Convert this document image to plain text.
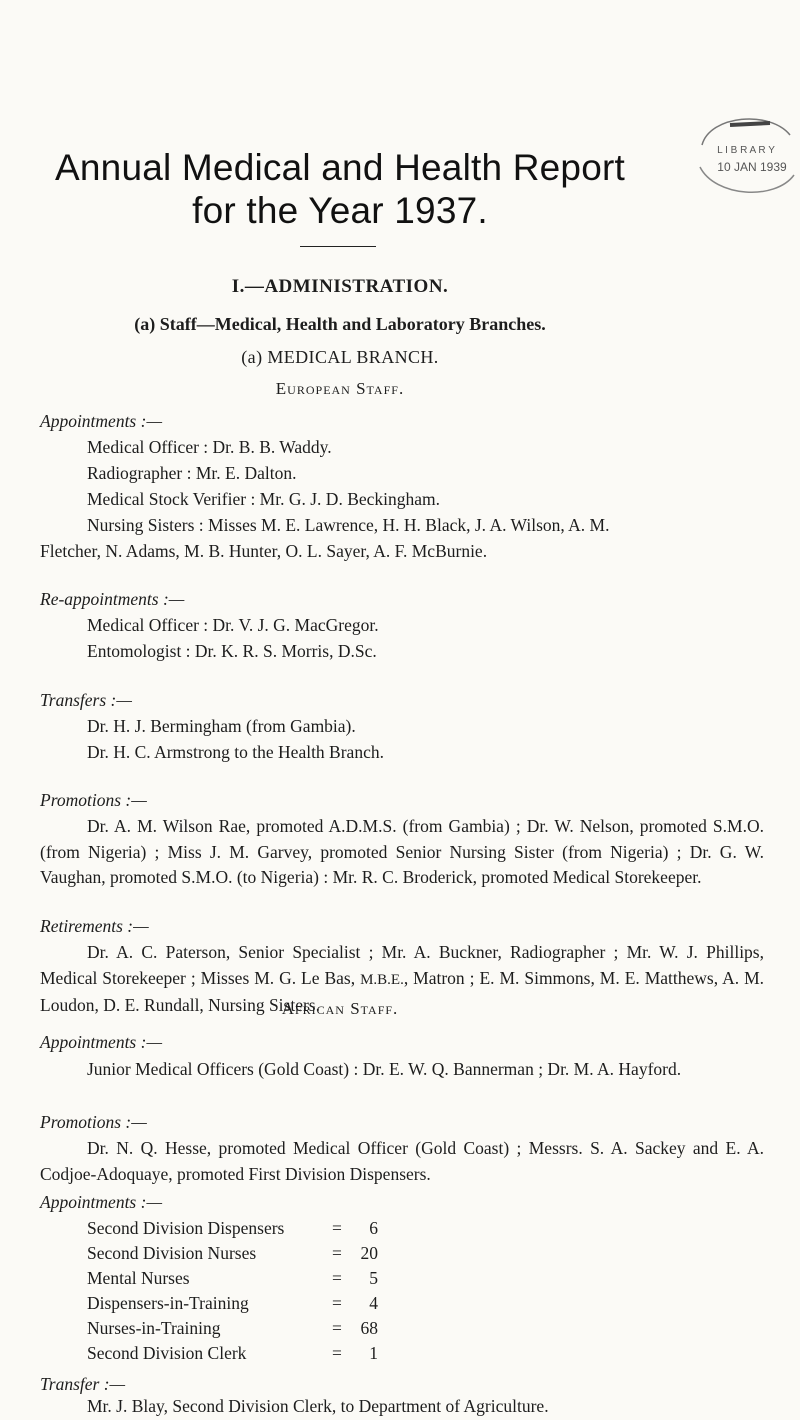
Annual Medical and Health Report
for the Year 1937.
L I B R A R Y
10 JAN 1939
I.—ADMINISTRATION.
(a) Staff—Medical, Health and Laboratory Branches.
(a) MEDICAL BRANCH.
European Staff.
Appointments :—
Medical Officer : Dr. B. B. Waddy.
Radiographer : Mr. E. Dalton.
Medical Stock Verifier : Mr. G. J. D. Beckingham.
Nursing Sisters : Misses M. E. Lawrence, H. H. Black, J. A. Wilson, A. M.
Fletcher, N. Adams, M. B. Hunter, O. L. Sayer, A. F. McBurnie.
Re-appointments :—
Medical Officer : Dr. V. J. G. MacGregor.
Entomologist : Dr. K. R. S. Morris, D.Sc.
Transfers :—
Dr. H. J. Bermingham (from Gambia).
Dr. H. C. Armstrong to the Health Branch.
Promotions :—
Dr. A. M. Wilson Rae, promoted A.D.M.S. (from Gambia) ; Dr. W. Nelson, promoted S.M.O. (from Nigeria) ; Miss J. M. Garvey, promoted Senior Nursing Sister (from Nigeria) ; Dr. G. W. Vaughan, promoted S.M.O. (to Nigeria) : Mr. R. C. Broderick, promoted Medical Storekeeper.
Retirements :—
Dr. A. C. Paterson, Senior Specialist ; Mr. A. Buckner, Radiographer ; Mr. W. J. Phillips, Medical Storekeeper ; Misses M. G. Le Bas, M.B.E., Matron ; E. M. Simmons, M. E. Matthews, A. M. Loudon, D. E. Rundall, Nursing Sisters.
African Staff.
Appointments :—
Junior Medical Officers (Gold Coast) : Dr. E. W. Q. Bannerman ; Dr. M. A. Hayford.
Promotions :—
Dr. N. Q. Hesse, promoted Medical Officer (Gold Coast) ; Messrs. S. A. Sackey and E. A. Codjoe-Adoquaye, promoted First Division Dispensers.
Appointments :—
Second Division Dispensers	=	6
Second Division Nurses	=	20
Mental Nurses	=	5
Dispensers-in-Training	=	4
Nurses-in-Training	=	68
Second Division Clerk	=	1
Transfer :—
Mr. J. Blay, Second Division Clerk, to Department of Agriculture.
